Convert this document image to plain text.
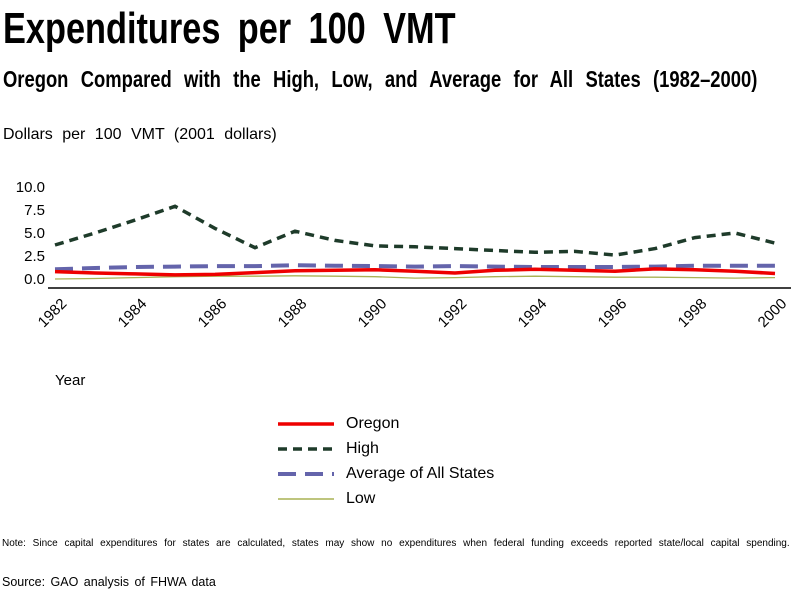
Expenditures per 100 VMT
Oregon Compared with the High, Low, and Average for All States (1982–2000)
Dollars per 100 VMT (2001 dollars)
10.0
7.5
5.0
2.5
0.0
1982	1984	1986	1988	1990	1992	1994	1996	1998	2000
Year
Oregon
High
Average of All States
Low
Note: Since capital expenditures for states are calculated, states may show no expenditures when federal funding exceeds reported state/local capital spending.
Source: GAO analysis of FHWA data
